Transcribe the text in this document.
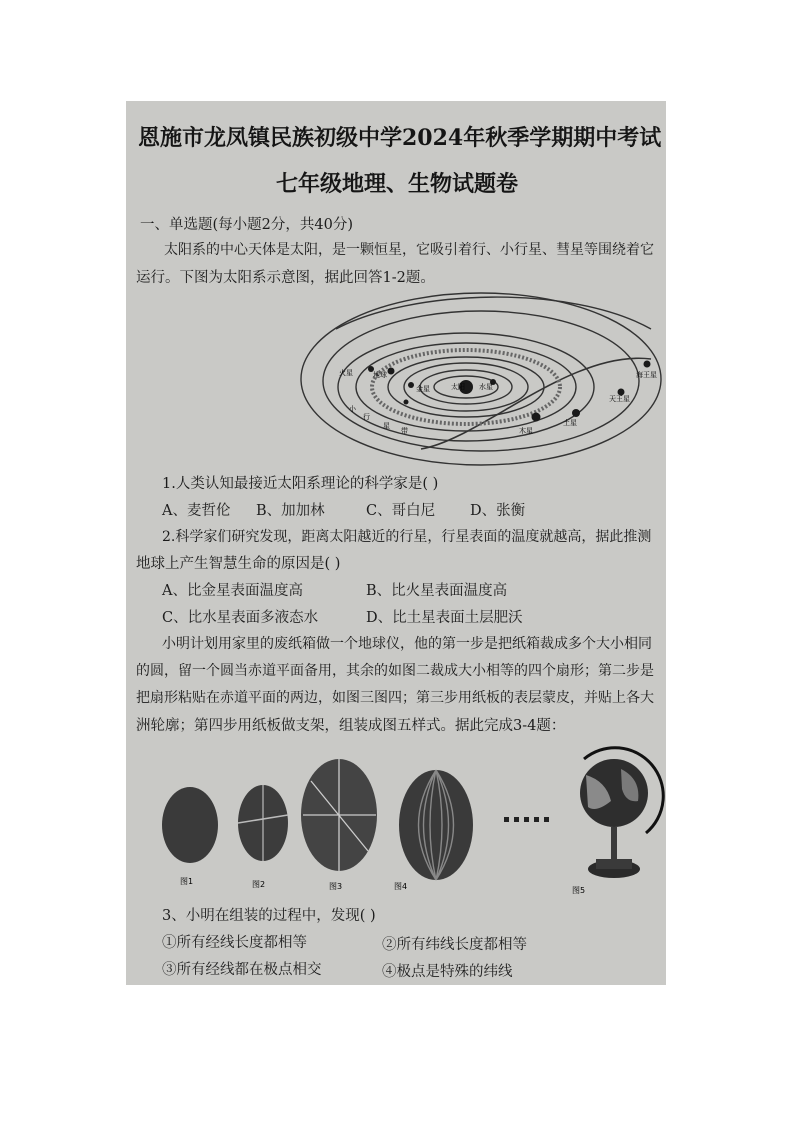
恩施市龙凤镇民族初级中学2024年秋季学期期中考试
七年级地理、生物试题卷
一、单选题(每小题2分，共40分)
太阳系的中心天体是太阳，是一颗恒星，它吸引着行、小行星、彗星等围绕着它
运行。下图为太阳系示意图，据此回答1-2题。
太阳 水星
金星
地球
火星
木星
土星
天王星
海王星
小
行
星
带
1.人类认知最接近太阳系理论的科学家是( )
A、麦哲伦 B、加加林	C、哥白尼 D、张衡
2.科学家们研究发现，距离太阳越近的行星，行星表面的温度就越高，据此推测
地球上产生智慧生命的原因是( )
A、比金星表面温度高	B、比火星表面温度高
C、比水星表面多液态水	D、比土星表面土层肥沃
小明计划用家里的废纸箱做一个地球仪，他的第一步是把纸箱裁成多个大小相同
的圆，留一个圆当赤道平面备用，其余的如图二裁成大小相等的四个扇形；第二步是
把扇形粘贴在赤道平面的两边，如图三图四；第三步用纸板的表层蒙皮，并贴上各大
洲轮廓；第四步用纸板做支架，组装成图五样式。据此完成3-4题：
图1	图2	图3	图4	图5
3、小明在组装的过程中，发现( )
①所有经线长度都相等	②所有纬线长度都相等
③所有经线都在极点相交	④极点是特殊的纬线
